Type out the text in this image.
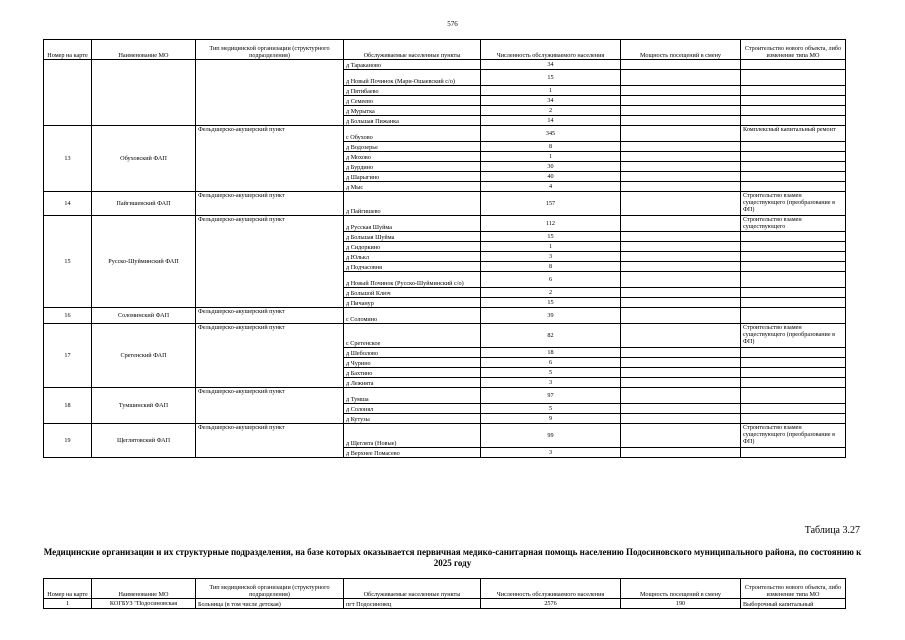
576
Номер на карте	Наименование МО	Тип медицинской организации (структурного подразделения)	Обслуживаемые населенные пункты	Численность обслуживаемого населения	Мощность посещений в смену	Строительство нового объекта, либо изменение типа МО
			д Тараканово	34		
			д Новый Починок (Мари-Ошаевский с/о)	15		
			д Пятибаево	1		
			д Семеево	34		
			д Мурытка	2		
			д Большая Пижанка	14		
13	Обуховский ФАП	Фельдшерско-акушерский пункт	с Обухово	345		Комплексный капитальный ремонт
			д Водозерье	8		
			д Мохово	1		
			д Бурдино	30		
			д Шарыгино	40		
			д Мыс	4		
14	Пайгишевский ФАП	Фельдшерско-акушерский пункт	д Пайгишево	157		Строительство взамен существующего (преобразование в ФП)
15	Русско-Шуйминский ФАП	Фельдшерско-акушерский пункт	д Русская Шуйма	112		Строительство взамен существующего
			д Большая Шуйма	15		
			д Сидоркино	1		
			д Юлькл	3		
			д Подчасовня	8		
			д Новый Починок (Русско-Шуйминский с/о)	6		
			д Большой Ключ	2		
			д Пичанур	15		
16	Соломинский ФАП	Фельдшерско-акушерский пункт	с Соломино	39		
17	Сретенский ФАП	Фельдшерско-акушерский пункт	с Сретенское	82		Строительство взамен существующего (преобразование в ФП)
			д Шеболово	18		
			д Чурино	6		
			д Бахтино	5		
			д Лежнята	3		
18	Тумшинский ФАП	Фельдшерско-акушерский пункт	д Тумша	97		
			д Солонял	5		
			д Кутузы	9		
19	Щеглятовский ФАП	Фельдшерско-акушерский пункт	д Щеглята (Новые)	99		Строительство взамен существующего (преобразование в ФП)
			д Верхнее Помасево	3		
Таблица 3.27
Медицинские организации и их структурные подразделения, на базе которых оказывается первичная медико-санитарная помощь населению Подосиновского муниципального района, по состоянию к 2025 году
Номер на карте	Наименование МО	Тип медицинской организации (структурного подразделения)	Обслуживаемые населенные пункты	Численность обслуживаемого населения	Мощность посещений в смену	Строительство нового объекта, либо изменение типа МО
1	КОГБУЗ "Подосиновская	Больница (в том числе детская)	пгт Подосиновец	2576	190	Выборочный капитальный
